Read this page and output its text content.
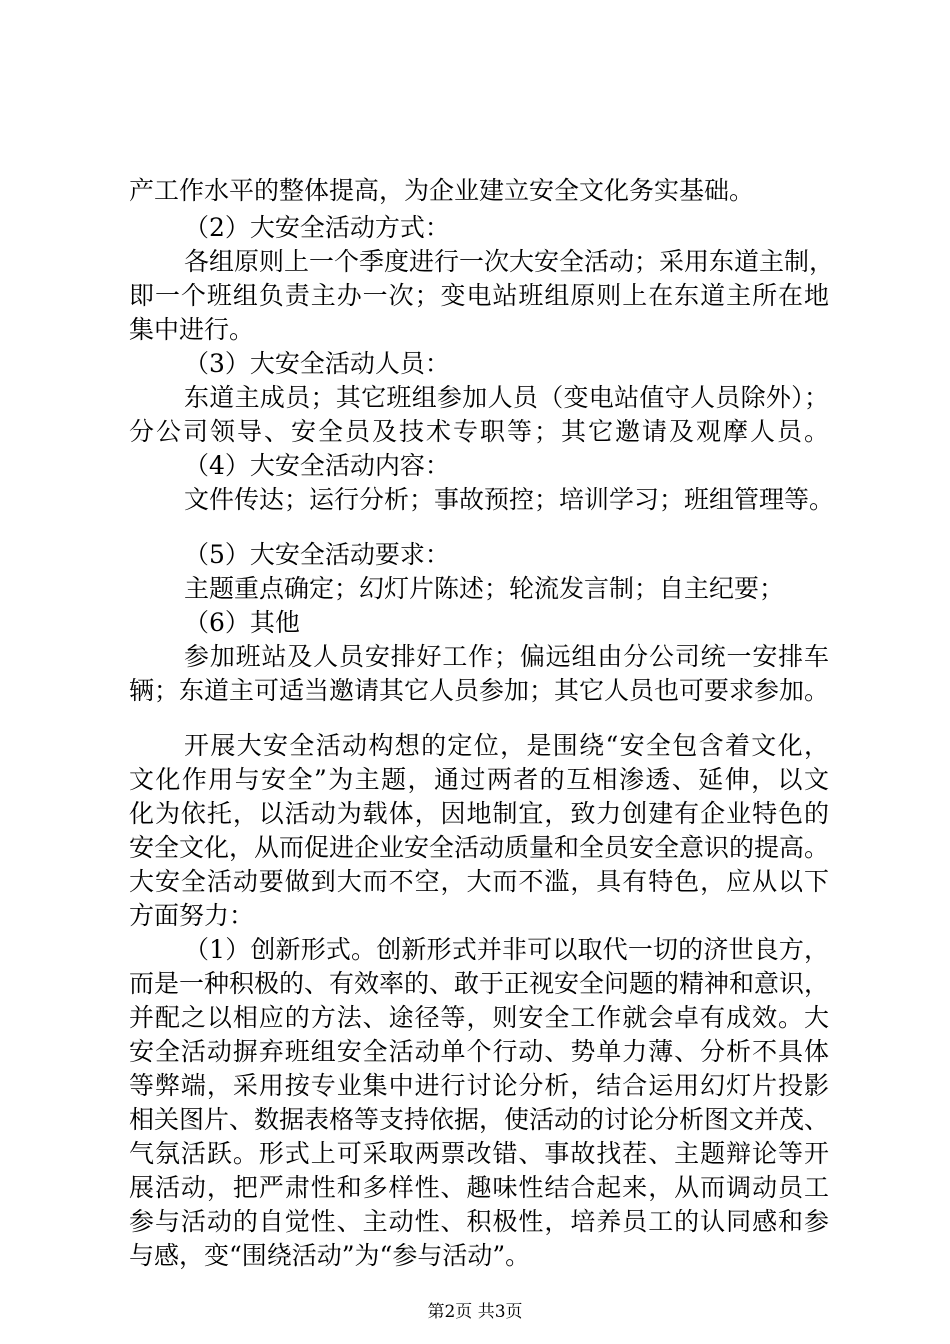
产工作水平的整体提高，为企业建立安全文化务实基础。
（2）大安全活动方式：
各组原则上一个季度进行一次大安全活动；采用东道主制，
即一个班组负责主办一次；变电站班组原则上在东道主所在地
集中进行。
（3）大安全活动人员：
东道主成员；其它班组参加人员（变电站值守人员除外）；
分公司领导、安全员及技术专职等；其它邀请及观摩人员。
（4）大安全活动内容：
文件传达；运行分析；事故预控；培训学习；班组管理等。
（5）大安全活动要求：
主题重点确定；幻灯片陈述；轮流发言制；自主纪要；
（6）其他
参加班站及人员安排好工作；偏远组由分公司统一安排车
辆；东道主可适当邀请其它人员参加；其它人员也可要求参加。
开展大安全活动构想的定位，是围绕“安全包含着文化，
文化作用与安全”为主题，通过两者的互相渗透、延伸，以文
化为依托，以活动为载体，因地制宜，致力创建有企业特色的
安全文化，从而促进企业安全活动质量和全员安全意识的提高。
大安全活动要做到大而不空，大而不滥，具有特色，应从以下
方面努力：
（1）创新形式。创新形式并非可以取代一切的济世良方，
而是一种积极的、有效率的、敢于正视安全问题的精神和意识，
并配之以相应的方法、途径等，则安全工作就会卓有成效。大
安全活动摒弃班组安全活动单个行动、势单力薄、分析不具体
等弊端，采用按专业集中进行讨论分析，结合运用幻灯片投影
相关图片、数据表格等支持依据，使活动的讨论分析图文并茂、
气氛活跃。形式上可采取两票改错、事故找茬、主题辩论等开
展活动，把严肃性和多样性、趣味性结合起来，从而调动员工
参与活动的自觉性、主动性、积极性，培养员工的认同感和参
与感，变“围绕活动”为“参与活动”。
第2页 共3页
